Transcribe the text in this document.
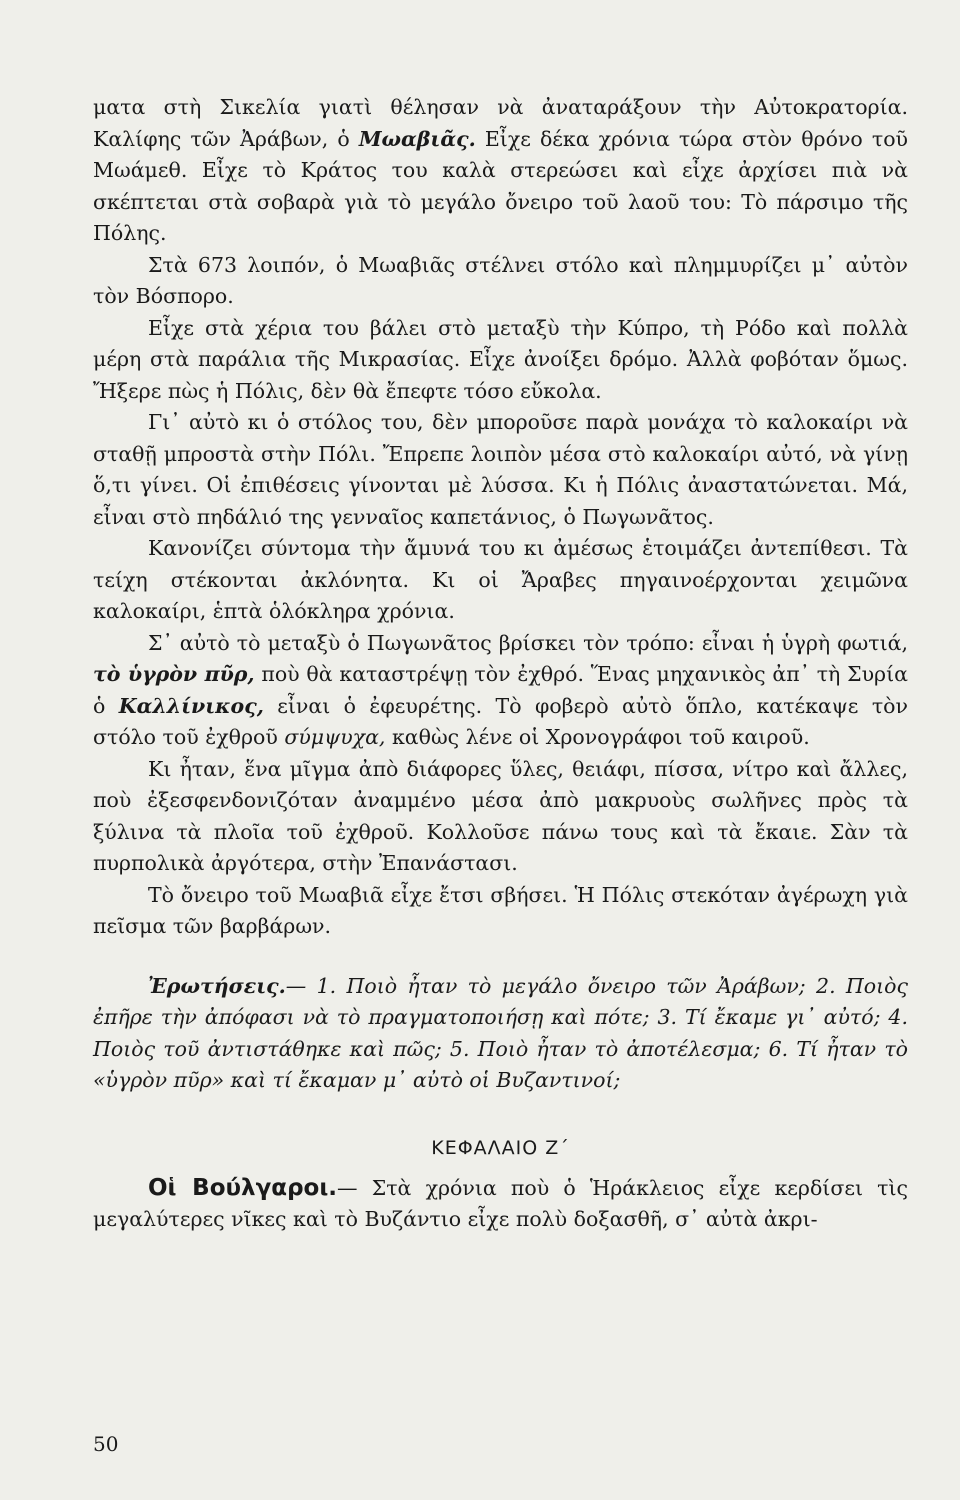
ματα στὴ Σικελία γιατὶ θέλησαν νὰ ἀναταράξουν τὴν Αὐτοκρατορία. Καλίφης τῶν Ἀράβων, ὁ Μωαβιᾶς. Εἶχε δέκα χρόνια τώρα στὸν θρόνο τοῦ Μωάμεθ. Εἶχε τὸ Κράτος του καλὰ στερεώσει καὶ εἶχε ἀρχίσει πιὰ νὰ σκέπτεται στὰ σοβαρὰ γιὰ τὸ μεγάλο ὄνειρο τοῦ λαοῦ του: Τὸ πάρσιμο τῆς Πόλης.

Στὰ 673 λοιπόν, ὁ Μωαβιᾶς στέλνει στόλο καὶ πλημμυρίζει μ᾽ αὐτὸν τὸν Βόσπορο.

Εἶχε στὰ χέρια του βάλει στὸ μεταξὺ τὴν Κύπρο, τὴ Ρόδο καὶ πολλὰ μέρη στὰ παράλια τῆς Μικρασίας. Εἶχε ἀνοίξει δρόμο. Ἀλλὰ φοβόταν ὅμως. Ἤξερε πὼς ἡ Πόλις, δὲν θὰ ἔπεφτε τόσο εὔκολα.

Γι᾽ αὐτὸ κι ὁ στόλος του, δὲν μποροῦσε παρὰ μονάχα τὸ καλοκαίρι νὰ σταθῇ μπροστὰ στὴν Πόλι. Ἔπρεπε λοιπὸν μέσα στὸ καλοκαίρι αὐτό, νὰ γίνῃ ὅ,τι γίνει. Οἱ ἐπιθέσεις γίνονται μὲ λύσσα. Κι ἡ Πόλις ἀναστατώνεται. Μά, εἶναι στὸ πηδάλιό της γενναῖος καπετάνιος, ὁ Πωγωνᾶτος.

Κανονίζει σύντομα τὴν ἄμυνά του κι ἀμέσως ἑτοιμάζει ἀντεπίθεσι. Τὰ τείχη στέκονται ἀκλόνητα. Κι οἱ Ἄραβες πηγαινοέρχονται χειμῶνα καλοκαίρι, ἑπτὰ ὁλόκληρα χρόνια.

Σ᾽ αὐτὸ τὸ μεταξὺ ὁ Πωγωνᾶτος βρίσκει τὸν τρόπο: εἶναι ἡ ὑγρὴ φωτιά, τὸ ὑγρὸν πῦρ, ποὺ θὰ καταστρέψῃ τὸν ἐχθρό. Ἕνας μηχανικὸς ἀπ᾽ τὴ Συρία ὁ Καλλίνικος, εἶναι ὁ ἐφευρέτης. Τὸ φοβερὸ αὐτὸ ὅπλο, κατέκαψε τὸν στόλο τοῦ ἐχθροῦ σύμψυχα, καθὼς λένε οἱ Χρονογράφοι τοῦ καιροῦ.

Κι ἦταν, ἕνα μῖγμα ἀπὸ διάφορες ὕλες, θειάφι, πίσσα, νίτρο καὶ ἄλλες, ποὺ ἐξεσφενδονιζόταν ἀναμμένο μέσα ἀπὸ μακρυοὺς σωλῆνες πρὸς τὰ ξύλινα τὰ πλοῖα τοῦ ἐχθροῦ. Κολλοῦσε πάνω τους καὶ τὰ ἔκαιε. Σὰν τὰ πυρπολικὰ ἀργότερα, στὴν Ἐπανάστασι.

Τὸ ὄνειρο τοῦ Μωαβιᾶ εἶχε ἔτσι σβήσει. Ἡ Πόλις στεκόταν ἀγέρωχη γιὰ πεῖσμα τῶν βαρβάρων.

Ἐρωτήσεις.— 1. Ποιὸ ἦταν τὸ μεγάλο ὄνειρο τῶν Ἀράβων; 2. Ποιὸς ἐπῆρε τὴν ἀπόφασι νὰ τὸ πραγματοποιήσῃ καὶ πότε; 3. Τί ἔκαμε γι᾽ αὐτό; 4. Ποιὸς τοῦ ἀντιστάθηκε καὶ πῶς; 5. Ποιὸ ἦταν τὸ ἀποτέλεσμα; 6. Τί ἦταν τὸ «ὑγρὸν πῦρ» καὶ τί ἔκαμαν μ᾽ αὐτὸ οἱ Βυζαντινοί;

ΚΕΦΑΛΑΙΟ Ζ΄

Οἱ Βούλγαροι.— Στὰ χρόνια ποὺ ὁ Ἡράκλειος εἶχε κερδίσει τὶς μεγαλύτερες νῖκες καὶ τὸ Βυζάντιο εἶχε πολὺ δοξασθῆ, σ᾽ αὐτὰ ἀκρι-

50
